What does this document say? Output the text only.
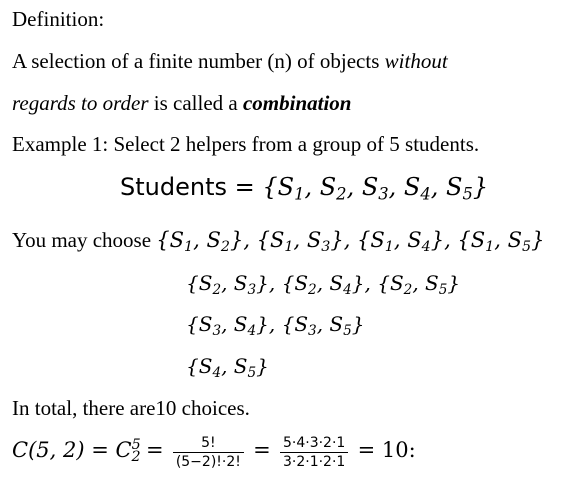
Definition:
A selection of a finite number (n) of objects without
regards to order is called a combination
Example 1: Select 2 helpers from a group of 5 students.
Students = {$S_1$, $S_2$, $S_3$, $S_4$, $S_5$}
You may choose {$S_1$, $S_2$}, {$S_1$, $S_3$}, {$S_1$, $S_4$}, {$S_1$, $S_5$}
{$S_2$, $S_3$}, {$S_2$, $S_4$}, {$S_2$, $S_5$}
{$S_3$, $S_4$}, {$S_3$, $S_5$}
{$S_4$, $S_5$}
In total, there are10 choices.
C(5, $2) = C_2^5 = \frac{5!}{(5-2)!\cdot 2!} = \frac{5\cdot 4\cdot 3\cdot 2\cdot 1}{3\cdot 2\cdot 1\cdot 2\cdot 1} = 10$:
